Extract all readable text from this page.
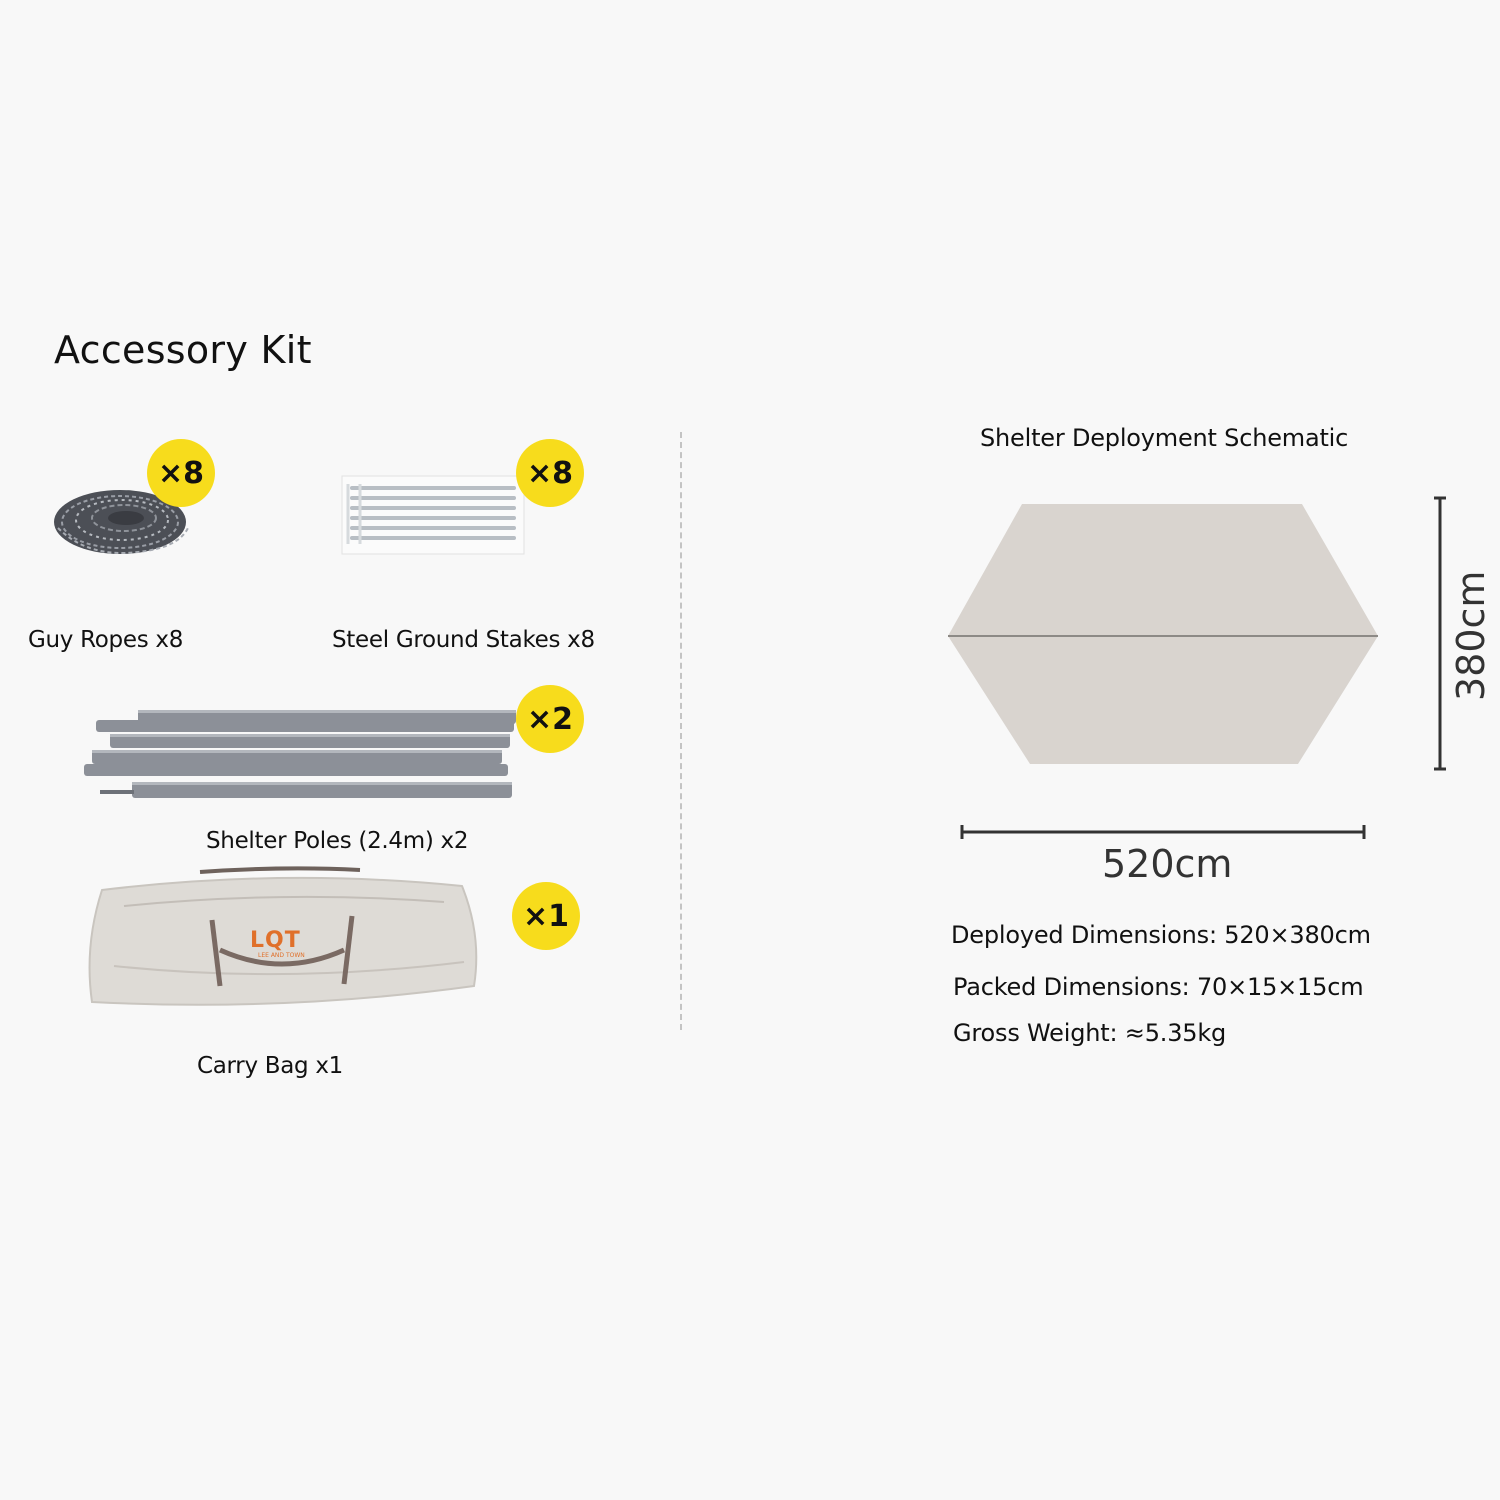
Accessory Kit
×8
Guy Ropes x8
×8
Steel Ground Stakes x8
×2
Shelter Poles (2.4m) x2
LQT
LEE AND TOWN
×1
Carry Bag x1
Shelter Deployment Schematic
380cm
520cm
Deployed Dimensions: 520×380cm
Packed Dimensions: 70×15×15cm
Gross Weight: ≈5.35kg
